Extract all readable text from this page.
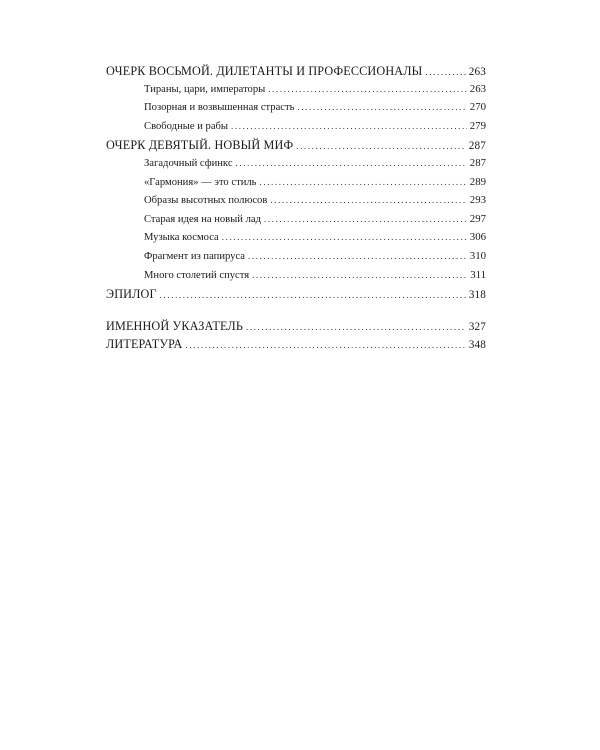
ОЧЕРК ВОСЬМОЙ. ДИЛЕТАНТЫ И ПРОФЕССИОНАЛЫ .....	263
Тираны, цари, императоры .....	263
Позорная и возвышенная страсть .....	270
Свободные и рабы .....	279
ОЧЕРК ДЕВЯТЫЙ. НОВЫЙ МИФ .....	287
Загадочный сфинкс .....	287
«Гармония» — это стиль .....	289
Образы высотных полюсов .....	293
Старая идея на новый лад .....	297
Музыка космоса .....	306
Фрагмент из папируса .....	310
Много столетий спустя .....	311
ЭПИЛОГ .....	318
ИМЕННОЙ УКАЗАТЕЛЬ .....	327
ЛИТЕРАТУРА .....	348
